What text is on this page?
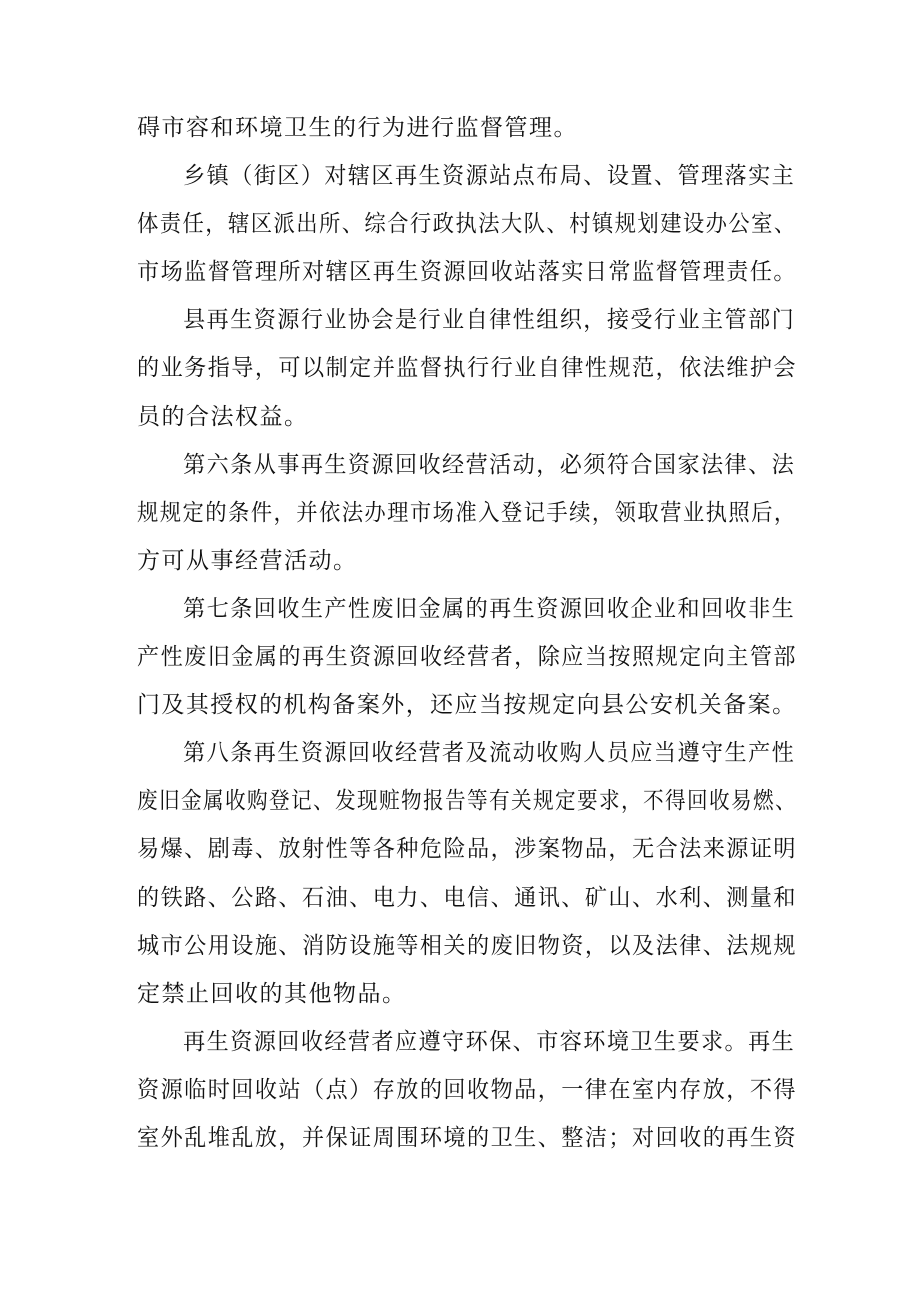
碍市容和环境卫生的行为进行监督管理。
乡镇（街区）对辖区再生资源站点布局、设置、管理落实主
体责任，辖区派出所、综合行政执法大队、村镇规划建设办公室、
市场监督管理所对辖区再生资源回收站落实日常监督管理责任。
县再生资源行业协会是行业自律性组织，接受行业主管部门
的业务指导，可以制定并监督执行行业自律性规范，依法维护会
员的合法权益。
第六条从事再生资源回收经营活动，必须符合国家法律、法
规规定的条件，并依法办理市场准入登记手续，领取营业执照后，
方可从事经营活动。
第七条回收生产性废旧金属的再生资源回收企业和回收非生
产性废旧金属的再生资源回收经营者，除应当按照规定向主管部
门及其授权的机构备案外，还应当按规定向县公安机关备案。
第八条再生资源回收经营者及流动收购人员应当遵守生产性
废旧金属收购登记、发现赃物报告等有关规定要求，不得回收易燃、
易爆、剧毒、放射性等各种危险品，涉案物品，无合法来源证明
的铁路、公路、石油、电力、电信、通讯、矿山、水利、测量和
城市公用设施、消防设施等相关的废旧物资，以及法律、法规规
定禁止回收的其他物品。
再生资源回收经营者应遵守环保、市容环境卫生要求。再生
资源临时回收站（点）存放的回收物品，一律在室内存放，不得
室外乱堆乱放，并保证周围环境的卫生、整洁；对回收的再生资
